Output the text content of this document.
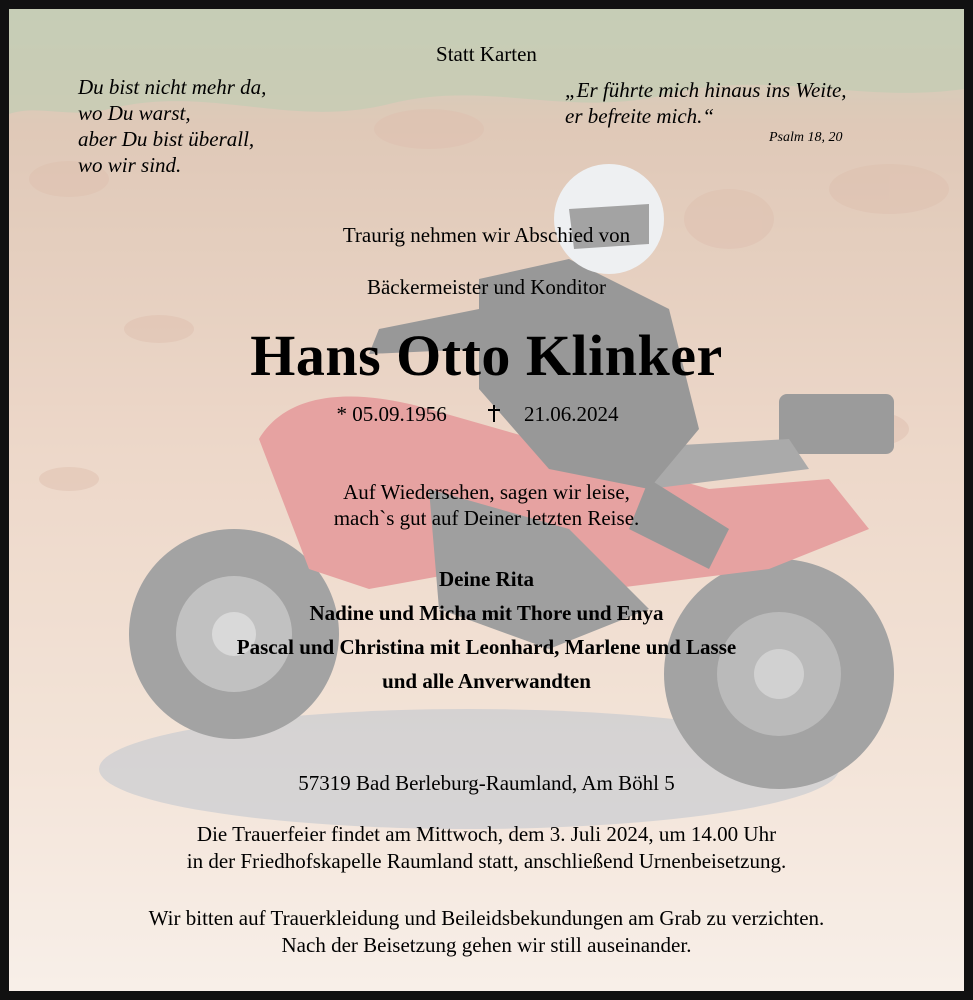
Statt Karten
Du bist nicht mehr da,
wo Du warst,
aber Du bist überall,
wo wir sind.
„Er führte mich hinaus ins Weite,
er befreite mich.“
Psalm 18, 20
Traurig nehmen wir Abschied von
Bäckermeister und Konditor
Hans Otto Klinker
* 05.09.1956	21.06.2024
Auf Wiedersehen, sagen wir leise,
mach`s gut auf Deiner letzten Reise.
Deine Rita
Nadine und Micha mit Thore und Enya
Pascal und Christina mit Leonhard, Marlene und Lasse
und alle Anverwandten
57319 Bad Berleburg-Raumland, Am Böhl 5
Die Trauerfeier findet am Mittwoch, dem 3. Juli 2024, um 14.00 Uhr
in der Friedhofskapelle Raumland statt, anschließend Urnenbeisetzung.
Wir bitten auf Trauerkleidung und Beileidsbekundungen am Grab zu verzichten.
Nach der Beisetzung gehen wir still auseinander.
